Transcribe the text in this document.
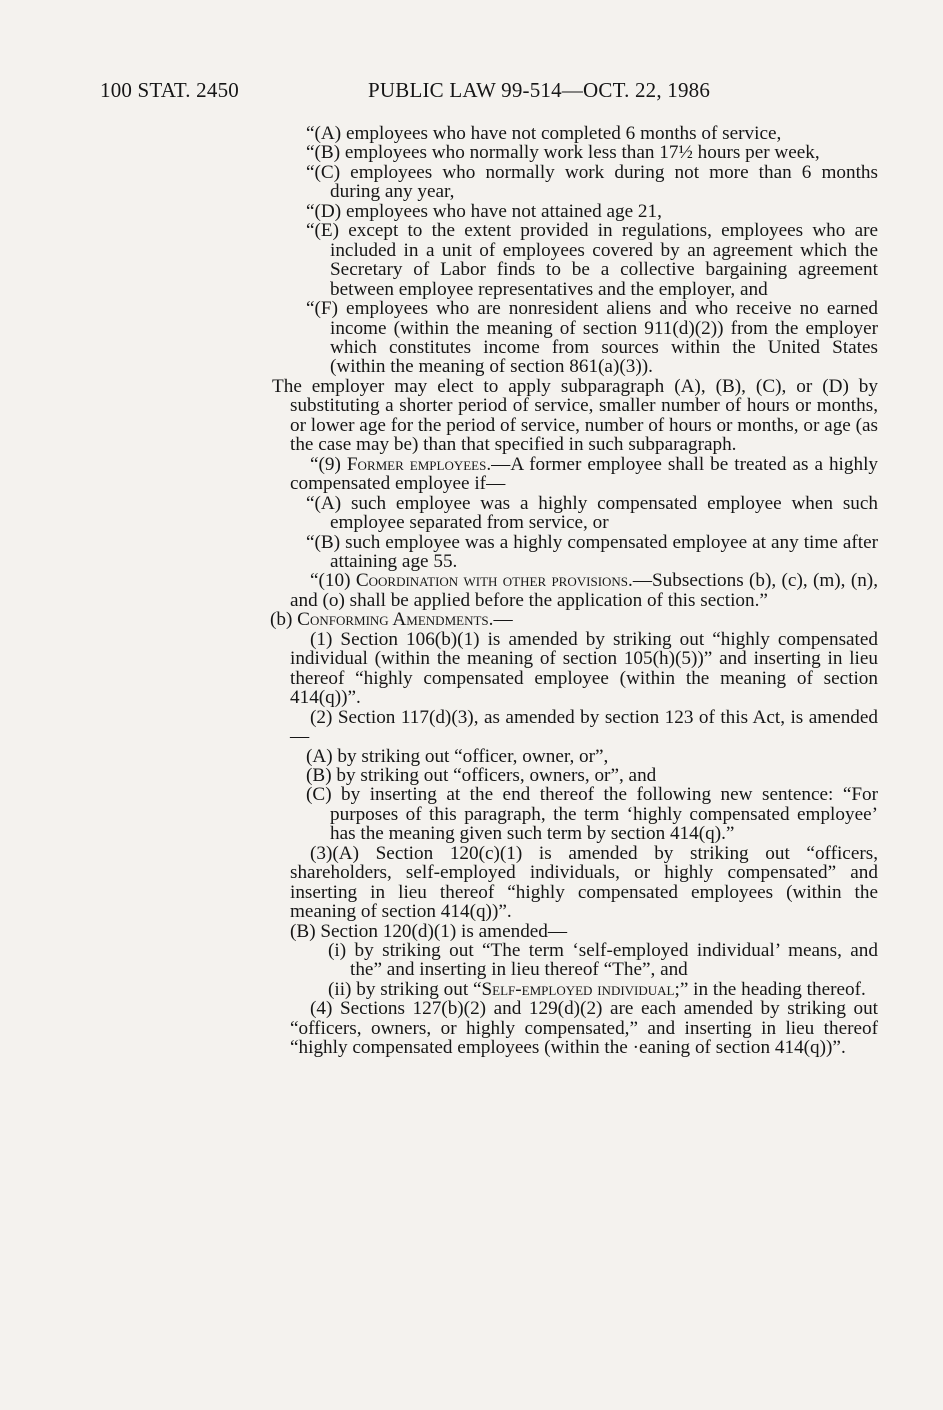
100 STAT. 2450	PUBLIC LAW 99-514—OCT. 22, 1986

“(A) employees who have not completed 6 months of service,

“(B) employees who normally work less than 17½ hours per week,

“(C) employees who normally work during not more than 6 months during any year,

“(D) employees who have not attained age 21,

“(E) except to the extent provided in regulations, employees who are included in a unit of employees covered by an agreement which the Secretary of Labor finds to be a collective bargaining agreement between employee representatives and the employer, and

“(F) employees who are nonresident aliens and who receive no earned income (within the meaning of section 911(d)(2)) from the employer which constitutes income from sources within the United States (within the meaning of section 861(a)(3)).

The employer may elect to apply subparagraph (A), (B), (C), or (D) by substituting a shorter period of service, smaller number of hours or months, or lower age for the period of service, number of hours or months, or age (as the case may be) than that specified in such subparagraph.

“(9) Former employees.—A former employee shall be treated as a highly compensated employee if—

“(A) such employee was a highly compensated employee when such employee separated from service, or

“(B) such employee was a highly compensated employee at any time after attaining age 55.

“(10) Coordination with other provisions.—Subsections (b), (c), (m), (n), and (o) shall be applied before the application of this section.”

(b) Conforming Amendments.—

(1) Section 106(b)(1) is amended by striking out “highly compensated individual (within the meaning of section 105(h)(5))” and inserting in lieu thereof “highly compensated employee (within the meaning of section 414(q))”.

(2) Section 117(d)(3), as amended by section 123 of this Act, is amended—

(A) by striking out “officer, owner, or”,

(B) by striking out “officers, owners, or”, and

(C) by inserting at the end thereof the following new sentence: “For purposes of this paragraph, the term ‘highly compensated employee’ has the meaning given such term by section 414(q).”

(3)(A) Section 120(c)(1) is amended by striking out “officers, shareholders, self-employed individuals, or highly compensated” and inserting in lieu thereof “highly compensated employees (within the meaning of section 414(q))”.

(B) Section 120(d)(1) is amended—

(i) by striking out “The term ‘self-employed individual’ means, and the” and inserting in lieu thereof “The”, and

(ii) by striking out “Self-employed individual;” in the heading thereof.

(4) Sections 127(b)(2) and 129(d)(2) are each amended by striking out “officers, owners, or highly compensated,” and inserting in lieu thereof “highly compensated employees (within the ·eaning of section 414(q))”.
